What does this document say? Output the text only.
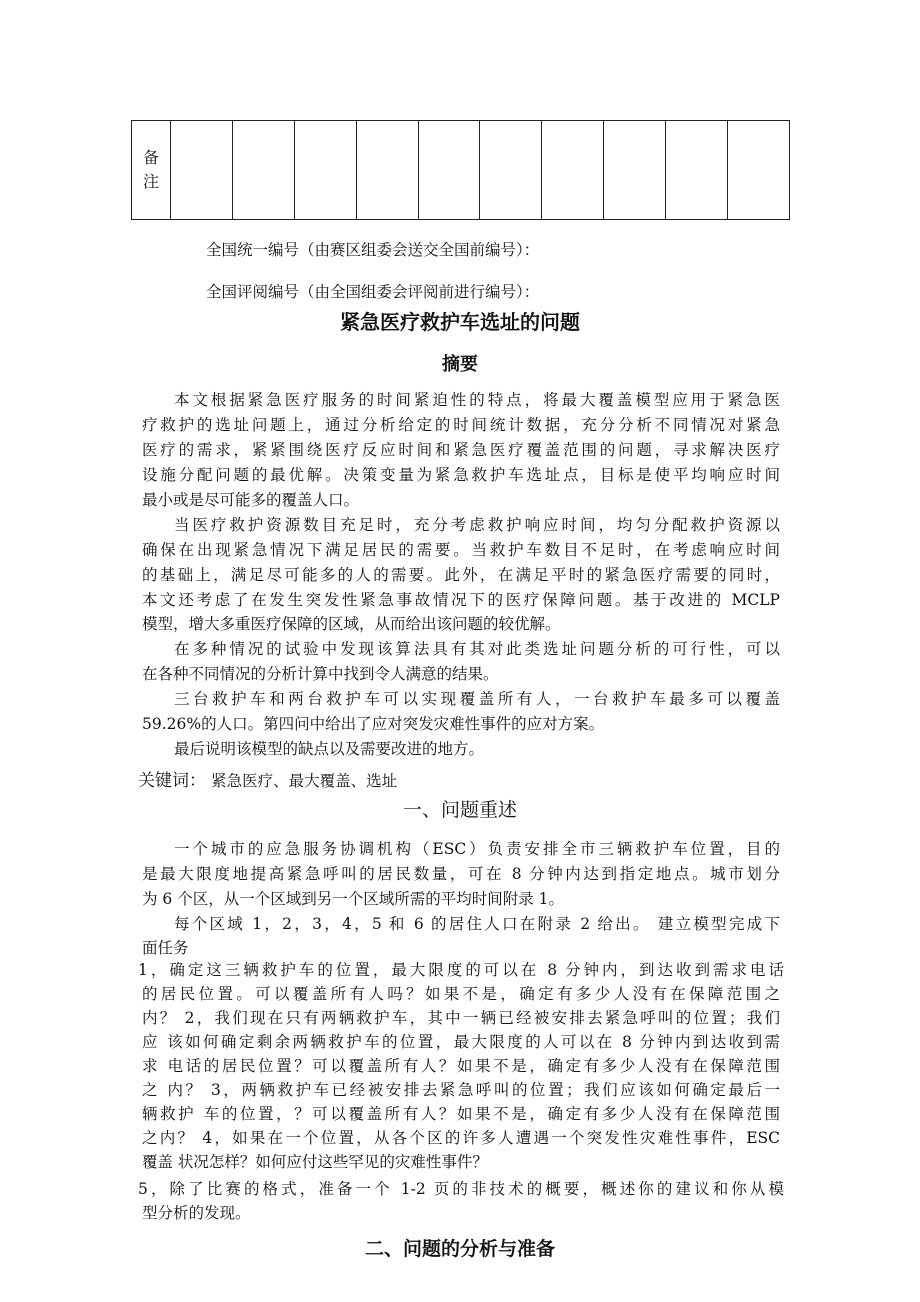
备
注										
全国统一编号（由赛区组委会送交全国前编号）：
全国评阅编号（由全国组委会评阅前进行编号）：
紧急医疗救护车选址的问题
摘要
本文根据紧急医疗服务的时间紧迫性的特点，将最大覆盖模型应用于紧急医
疗救护的选址问题上，通过分析给定的时间统计数据，充分分析不同情况对紧急
医疗的需求，紧紧围绕医疗反应时间和紧急医疗覆盖范围的问题，寻求解决医疗
设施分配问题的最优解。决策变量为紧急救护车选址点，目标是使平均响应时间
最小或是尽可能多的覆盖人口。
当医疗救护资源数目充足时，充分考虑救护响应时间，均匀分配救护资源以
确保在出现紧急情况下满足居民的需要。当救护车数目不足时，在考虑响应时间
的基础上，满足尽可能多的人的需要。此外，在满足平时的紧急医疗需要的同时，
本文还考虑了在发生突发性紧急事故情况下的医疗保障问题。基于改进的 MCLP
模型，增大多重医疗保障的区域，从而给出该问题的较优解。
在多种情况的试验中发现该算法具有其对此类选址问题分析的可行性，可以
在各种不同情况的分析计算中找到令人满意的结果。
三台救护车和两台救护车可以实现覆盖所有人，一台救护车最多可以覆盖
59.26%的人口。第四问中给出了应对突发灾难性事件的应对方案。
最后说明该模型的缺点以及需要改进的地方。
关键词： 紧急医疗、最大覆盖、选址
一、问题重述
一个城市的应急服务协调机构（ESC）负责安排全市三辆救护车位置，目的
是最大限度地提高紧急呼叫的居民数量，可在 8 分钟内达到指定地点。城市划分
为 6 个区，从一个区域到另一个区域所需的平均时间附录 1。
每个区域 1，2，3，4，5 和 6 的居住人口在附录 2 给出。 建立模型完成下
面任务
1，确定这三辆救护车的位置，最大限度的可以在 8 分钟内，到达收到需求电话
的居民位置。可以覆盖所有人吗？如果不是，确定有多少人没有在保障范围之
内？ 2，我们现在只有两辆救护车，其中一辆已经被安排去紧急呼叫的位置；我们
应 该如何确定剩余两辆救护车的位置，最大限度的人可以在 8 分钟内到达收到需
求 电话的居民位置？可以覆盖所有人？如果不是，确定有多少人没有在保障范围
之 内？ 3，两辆救护车已经被安排去紧急呼叫的位置；我们应该如何确定最后一
辆救护 车的位置，？可以覆盖所有人？如果不是，确定有多少人没有在保障范围
之内？ 4，如果在一个位置，从各个区的许多人遭遇一个突发性灾难性事件，ESC
覆盖 状况怎样？如何应付这些罕见的灾难性事件？
5，除了比赛的格式，准备一个 1-2 页的非技术的概要，概述你的建议和你从模
型分析的发现。
二、问题的分析与准备
